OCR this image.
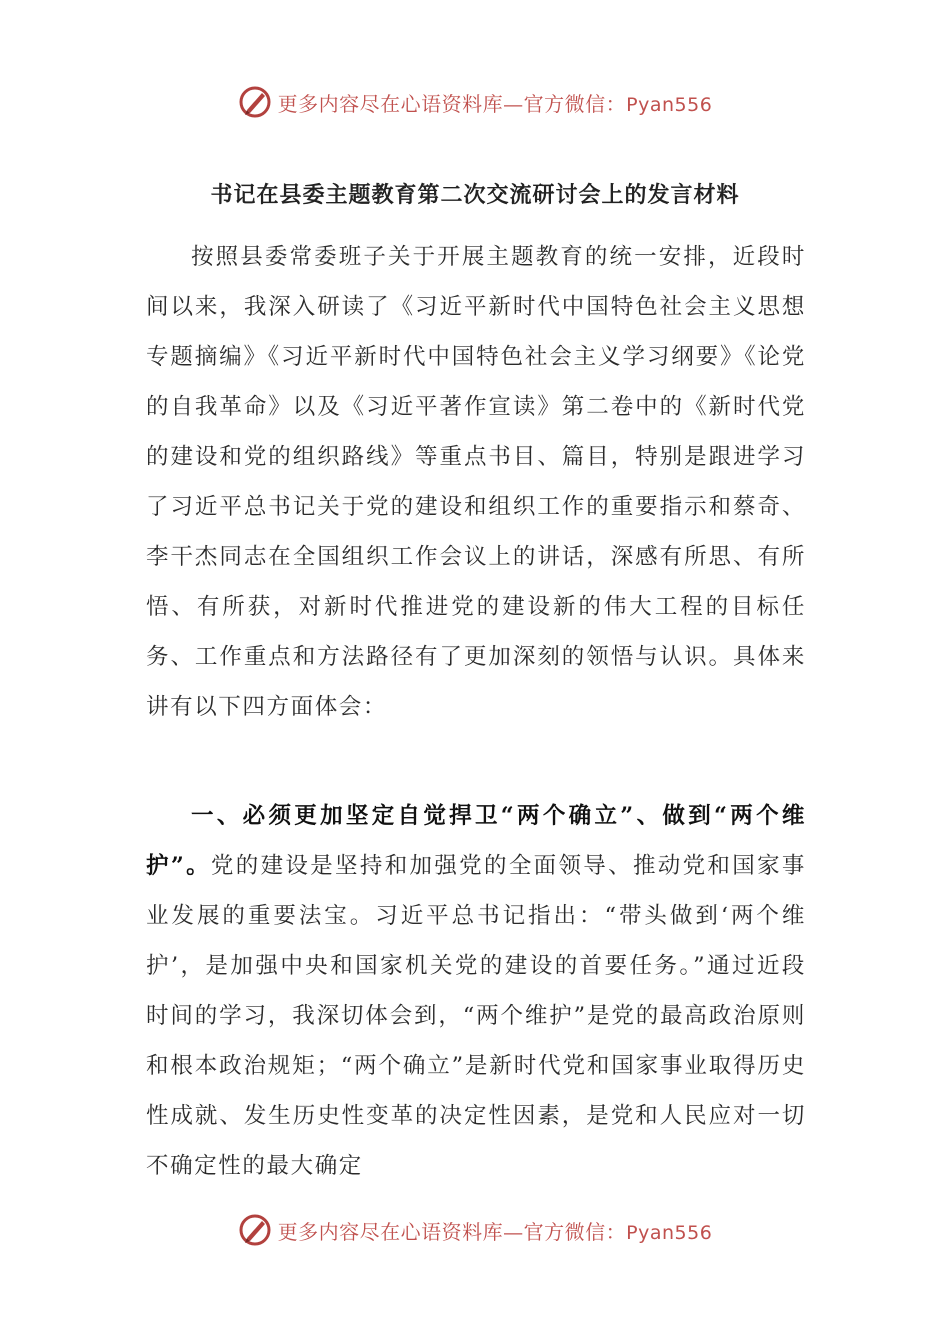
更多内容尽在心语资料库—官方微信：Pyan556
书记在县委主题教育第二次交流研讨会上的发言材料

按照县委常委班子关于开展主题教育的统一安排，近段时间以来，我深入研读了《习近平新时代中国特色社会主义思想专题摘编》《习近平新时代中国特色社会主义学习纲要》《论党的自我革命》以及《习近平著作宣读》第二卷中的《新时代党的建设和党的组织路线》等重点书目、篇目，特别是跟进学习了习近平总书记关于党的建设和组织工作的重要指示和蔡奇、李干杰同志在全国组织工作会议上的讲话，深感有所思、有所悟、有所获，对新时代推进党的建设新的伟大工程的目标任务、工作重点和方法路径有了更加深刻的领悟与认识。具体来讲有以下四方面体会：

一、必须更加坚定自觉捍卫“两个确立”、做到“两个维护”。党的建设是坚持和加强党的全面领导、推动党和国家事业发展的重要法宝。习近平总书记指出：“带头做到‘两个维护’，是加强中央和国家机关党的建设的首要任务。”通过近段时间的学习，我深切体会到，“两个维护”是党的最高政治原则和根本政治规矩；“两个确立”是新时代党和国家事业取得历史性成就、发生历史性变革的决定性因素，是党和人民应对一切不确定性的最大确定

更多内容尽在心语资料库—官方微信：Pyan556
